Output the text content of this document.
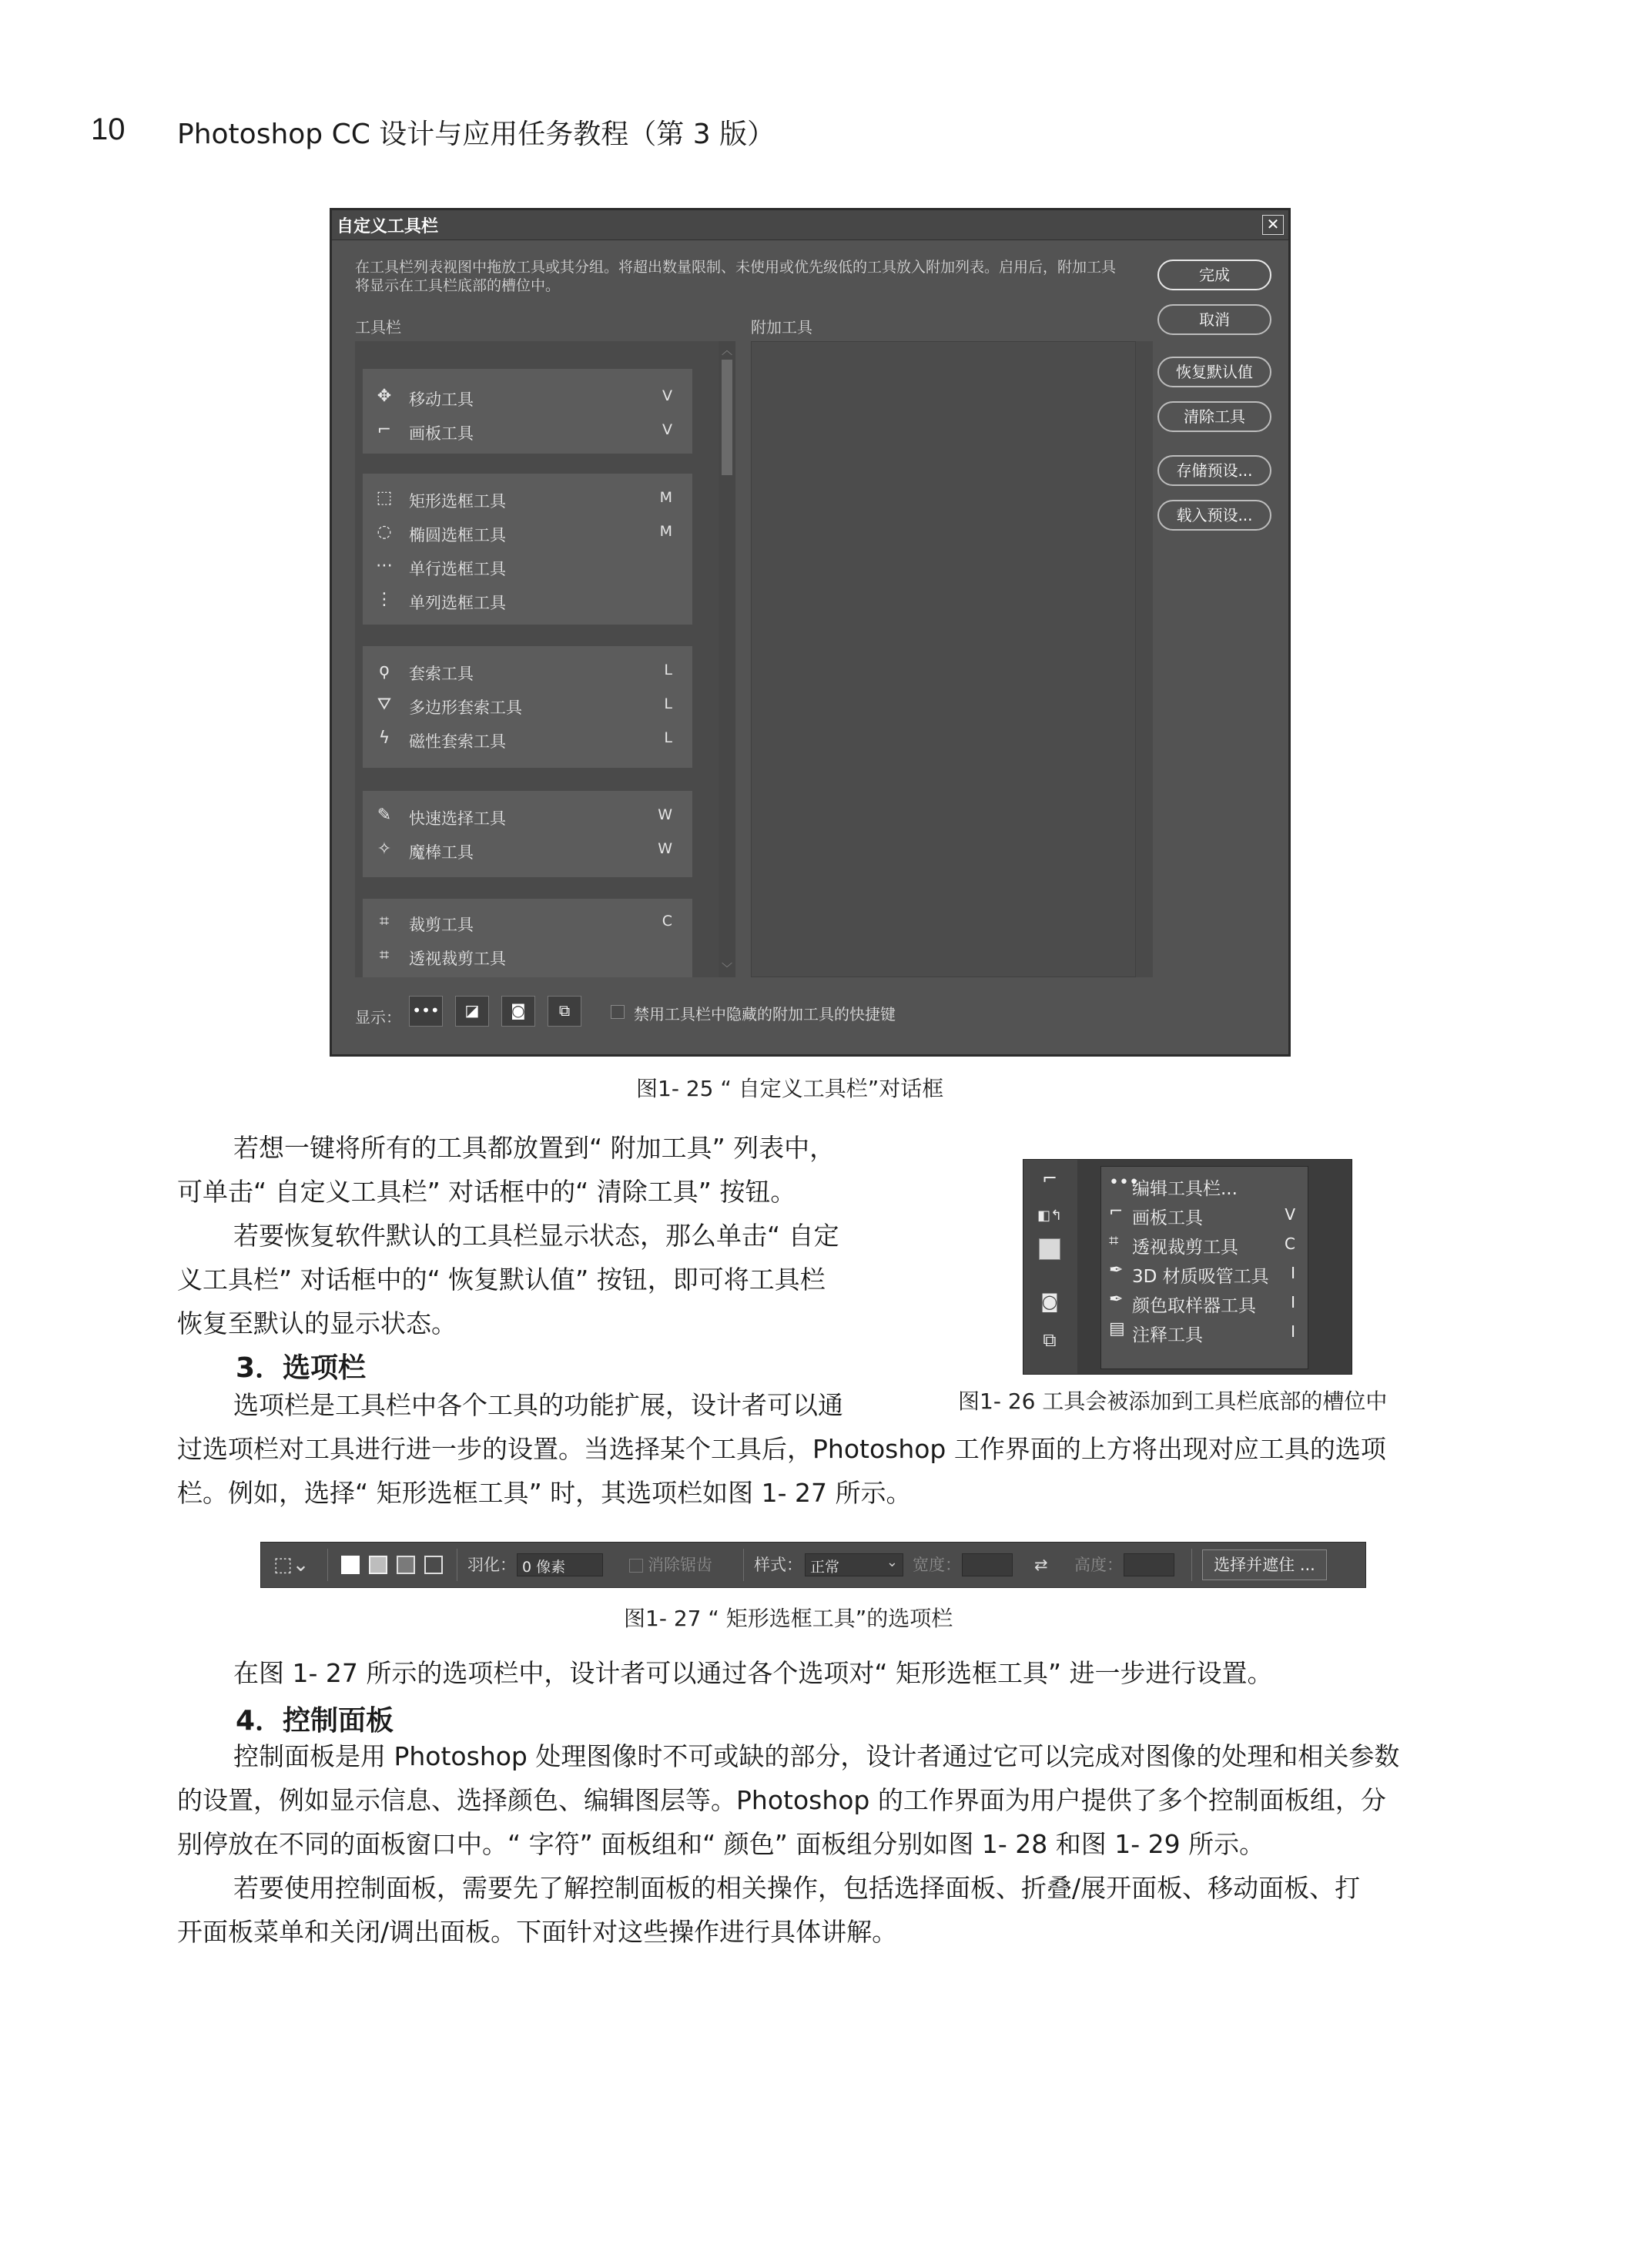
10 Photoshop CC 设计与应用任务教程（第 3 版）
自定义工具栏	✕
在工具栏列表视图中拖放工具或其分组。将超出数量限制、未使用或优先级低的工具放入附加列表。启用后，附加工具将显示在工具栏底部的槽位中。
工具栏	附加工具
✥ 移动工具	V
⌐ 画板工具	V
⬚ 矩形选框工具	M
◌ 椭圆选框工具	M
⋯ 单行选框工具
⋮ 单列选框工具
ϙ	套索工具	L
⛛ 多边形套索工具	L
ϟ	磁性套索工具	L
✎ 快速选择工具	W
✧ 魔棒工具	W
⌗	裁剪工具	C
⌗	透视裁剪工具
︿
﹀
完成
取消
恢复默认值
清除工具
存储预设...
载入预设...
显示： •••	◪	◙	⧉	禁用工具栏中隐藏的附加工具的快捷键
图1- 25 “ 自定义工具栏”对话框
若想一键将所有的工具都放置到“ 附加工具” 列表中，
可单击“ 自定义工具栏” 对话框中的“ 清除工具” 按钮。
若要恢复软件默认的工具栏显示状态，那么单击“ 自定
义工具栏” 对话框中的“ 恢复默认值” 按钮，即可将工具栏
恢复至默认的显示状态。
3．选项栏
选项栏是工具栏中各个工具的功能扩展，设计者可以通
过选项栏对工具进行进一步的设置。当选择某个工具后，Photoshop 工作界面的上方将出现对应工具的选项
栏。例如，选择“ 矩形选框工具” 时，其选项栏如图 1- 27 所示。
⌐
◧↰
◙
⧉
•••
编辑工具栏...
⌐ 画板工具	V
⌗ 透视裁剪工具	C
✒ 3D 材质吸管工具 I
✒ 颜色取样器工具 I
▤ 注释工具	I
图1- 26 工具会被添加到工具栏底部的槽位中
⬚⌄	羽化： 0 像素	消除锯齿	样式： 正常	⌄ 宽度：	⇄ 高度：	选择并遮住 ...
图1- 27 “ 矩形选框工具”的选项栏
在图 1- 27 所示的选项栏中，设计者可以通过各个选项对“ 矩形选框工具” 进一步进行设置。
4．控制面板
控制面板是用 Photoshop 处理图像时不可或缺的部分，设计者通过它可以完成对图像的处理和相关参数
的设置，例如显示信息、选择颜色、编辑图层等。Photoshop 的工作界面为用户提供了多个控制面板组，分
别停放在不同的面板窗口中。“ 字符” 面板组和“ 颜色” 面板组分别如图 1- 28 和图 1- 29 所示。
若要使用控制面板，需要先了解控制面板的相关操作，包括选择面板、折叠/展开面板、移动面板、打
开面板菜单和关闭/调出面板。下面针对这些操作进行具体讲解。
